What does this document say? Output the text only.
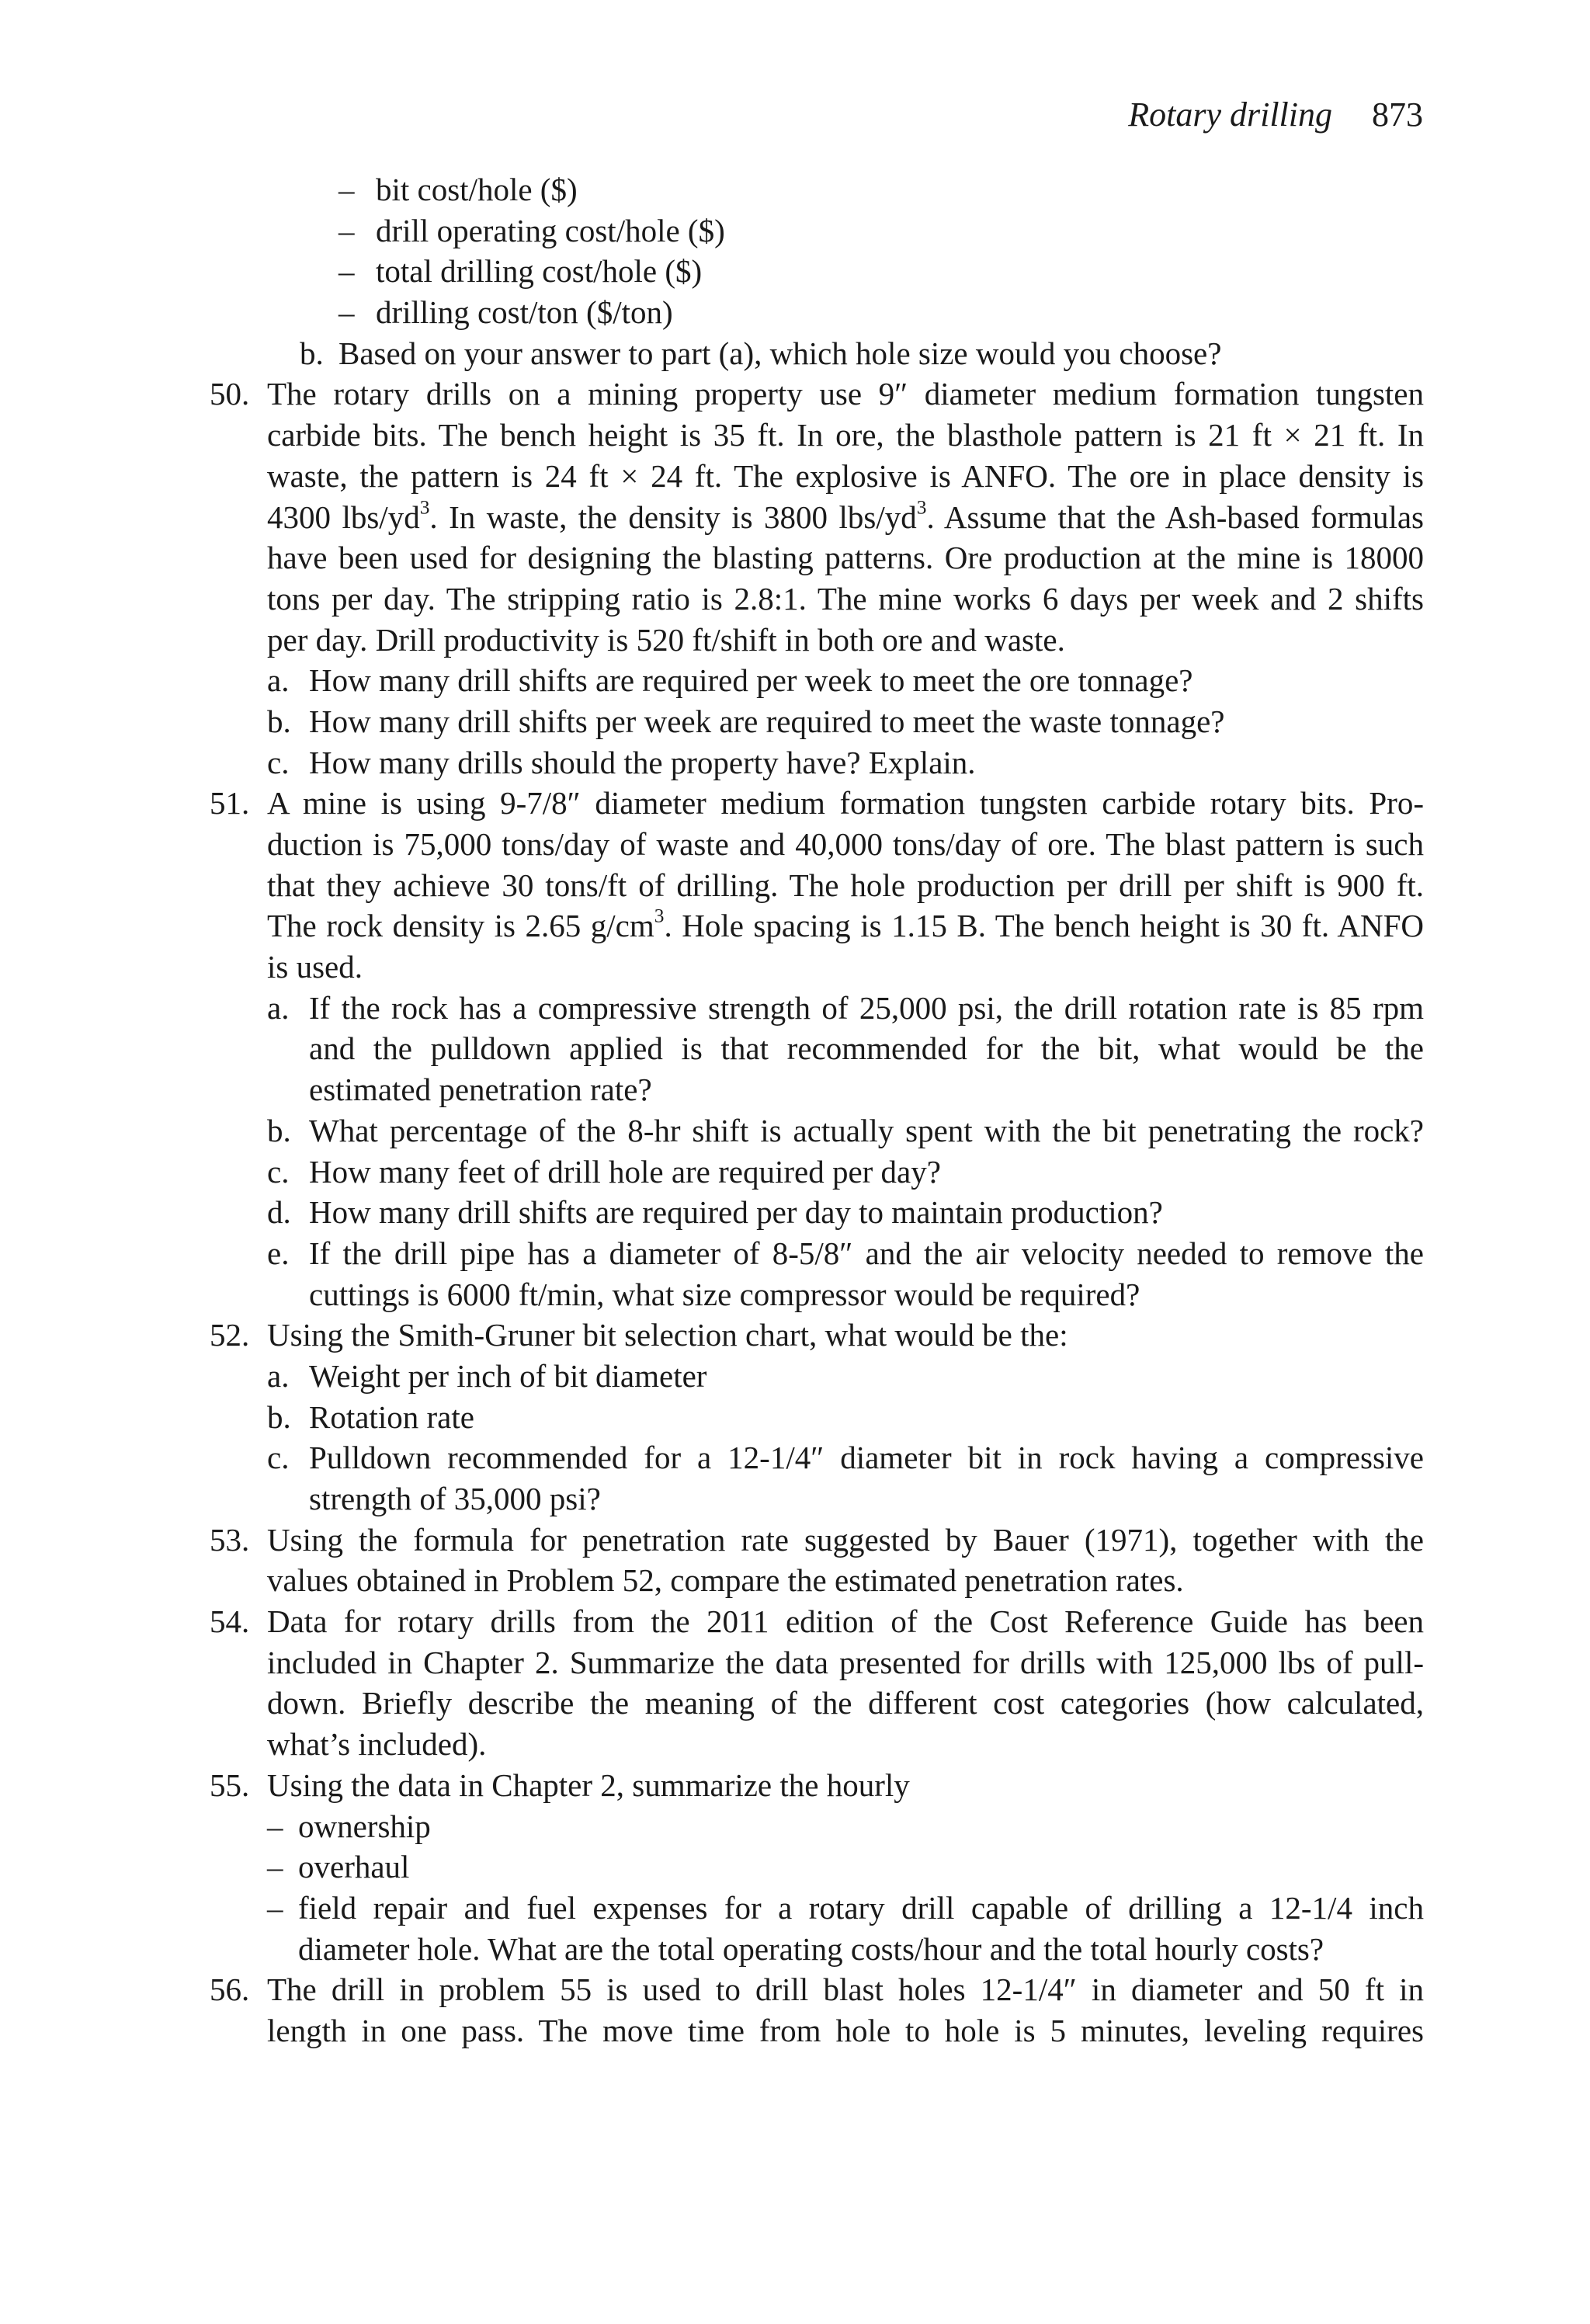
Rotary drilling 873
– bit cost/hole ($)
– drill operating cost/hole ($)
– total drilling cost/hole ($)
– drilling cost/ton ($/ton)
b. Based on your answer to part (a), which hole size would you choose?
50. The rotary drills on a mining property use 9″ diameter medium formation tungsten
carbide bits. The bench height is 35 ft. In ore, the blasthole pattern is 21 ft × 21 ft. In
waste, the pattern is 24 ft × 24 ft. The explosive is ANFO. The ore in place density is
4300 lbs/$yd^3$. In waste, the density is 3800 lbs/$yd^3$. Assume that the Ash-based formulas
have been used for designing the blasting patterns. Ore production at the mine is 18000
tons per day. The stripping ratio is 2.8:1. The mine works 6 days per week and 2 shifts
per day. Drill productivity is 520 ft/shift in both ore and waste.
a. How many drill shifts are required per week to meet the ore tonnage?
b. How many drill shifts per week are required to meet the waste tonnage?
c. How many drills should the property have? Explain.
51. A mine is using 9-7/8″ diameter medium formation tungsten carbide rotary bits. Pro-
duction is 75,000 tons/day of waste and 40,000 tons/day of ore. The blast pattern is such
that they achieve 30 tons/ft of drilling. The hole production per drill per shift is 900 ft.
The rock density is 2.65 $g/cm^3$. Hole spacing is 1.15 B. The bench height is 30 ft. ANFO
is used.
a. If the rock has a compressive strength of 25,000 psi, the drill rotation rate is 85 rpm
and the pulldown applied is that recommended for the bit, what would be the
estimated penetration rate?
b. What percentage of the 8-hr shift is actually spent with the bit penetrating the rock?
c. How many feet of drill hole are required per day?
d. How many drill shifts are required per day to maintain production?
e. If the drill pipe has a diameter of 8-5/8″ and the air velocity needed to remove the
cuttings is 6000 ft/min, what size compressor would be required?
52. Using the Smith-Gruner bit selection chart, what would be the:
a. Weight per inch of bit diameter
b. Rotation rate
c. Pulldown recommended for a 12-1/4″ diameter bit in rock having a compressive
strength of 35,000 psi?
53. Using the formula for penetration rate suggested by Bauer (1971), together with the
values obtained in Problem 52, compare the estimated penetration rates.
54. Data for rotary drills from the 2011 edition of the Cost Reference Guide has been
included in Chapter 2. Summarize the data presented for drills with 125,000 lbs of pull-
down. Briefly describe the meaning of the different cost categories (how calculated,
what’s included).
55. Using the data in Chapter 2, summarize the hourly
– ownership
– overhaul
– field repair and fuel expenses for a rotary drill capable of drilling a 12-1/4 inch
diameter hole. What are the total operating costs/hour and the total hourly costs?
56. The drill in problem 55 is used to drill blast holes 12-1/4″ in diameter and 50 ft in
length in one pass. The move time from hole to hole is 5 minutes, leveling requires
